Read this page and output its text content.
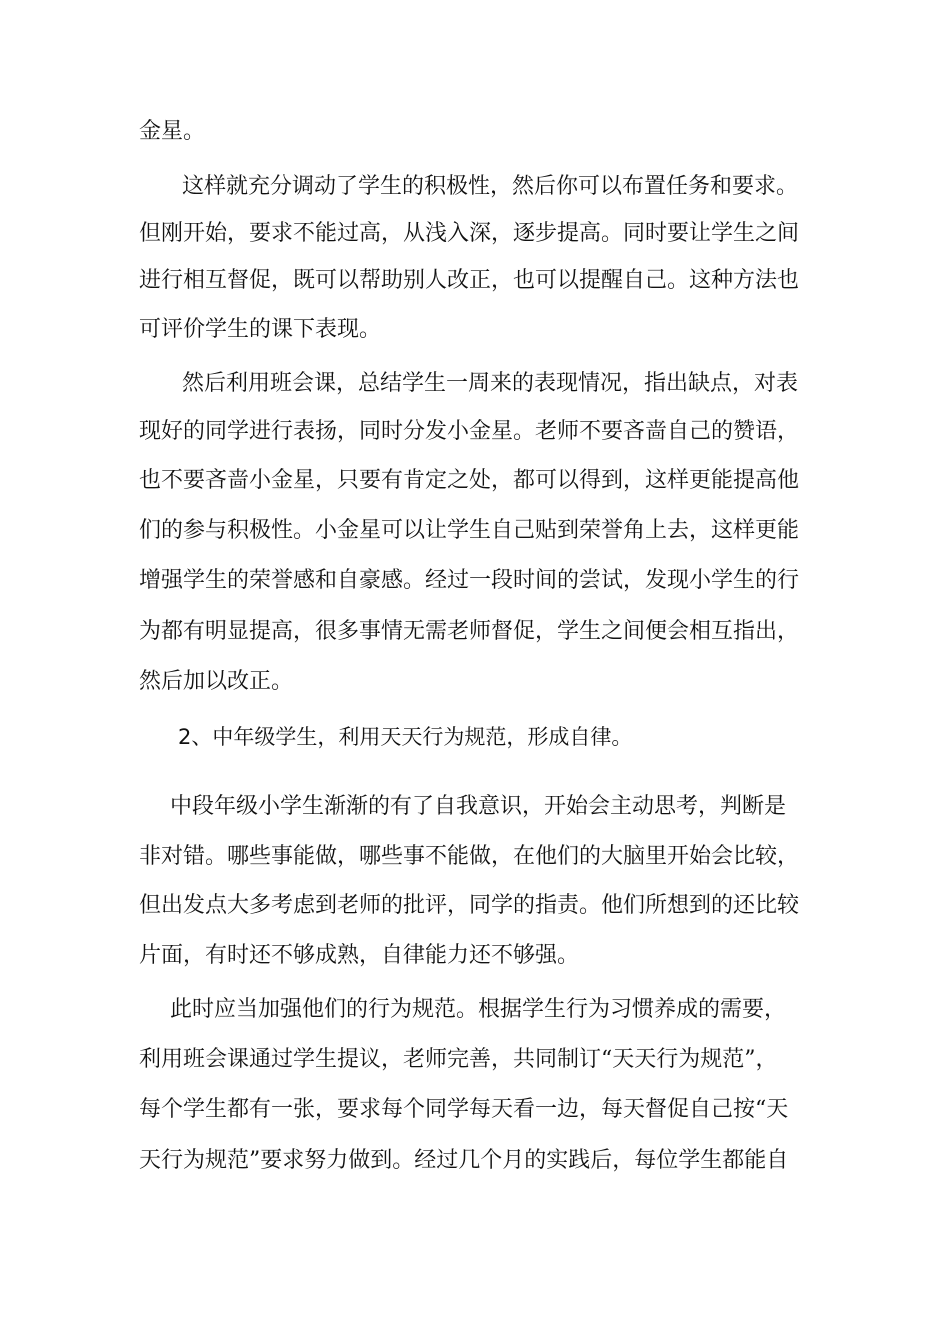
金星。
这样就充分调动了学生的积极性，然后你可以布置任务和要求。
但刚开始，要求不能过高，从浅入深，逐步提高。同时要让学生之间
进行相互督促，既可以帮助别人改正，也可以提醒自己。这种方法也
可评价学生的课下表现。
然后利用班会课，总结学生一周来的表现情况，指出缺点，对表
现好的同学进行表扬，同时分发小金星。老师不要吝啬自己的赞语，
也不要吝啬小金星，只要有肯定之处，都可以得到，这样更能提高他
们的参与积极性。小金星可以让学生自己贴到荣誉角上去，这样更能
增强学生的荣誉感和自豪感。经过一段时间的尝试，发现小学生的行
为都有明显提高，很多事情无需老师督促，学生之间便会相互指出，
然后加以改正。
2、中年级学生，利用天天行为规范，形成自律。
中段年级小学生渐渐的有了自我意识，开始会主动思考，判断是
非对错。哪些事能做，哪些事不能做，在他们的大脑里开始会比较，
但出发点大多考虑到老师的批评，同学的指责。他们所想到的还比较
片面，有时还不够成熟，自律能力还不够强。
此时应当加强他们的行为规范。根据学生行为习惯养成的需要，
利用班会课通过学生提议，老师完善，共同制订“天天行为规范”，
每个学生都有一张，要求每个同学每天看一边，每天督促自己按“天
天行为规范”要求努力做到。经过几个月的实践后，每位学生都能自
